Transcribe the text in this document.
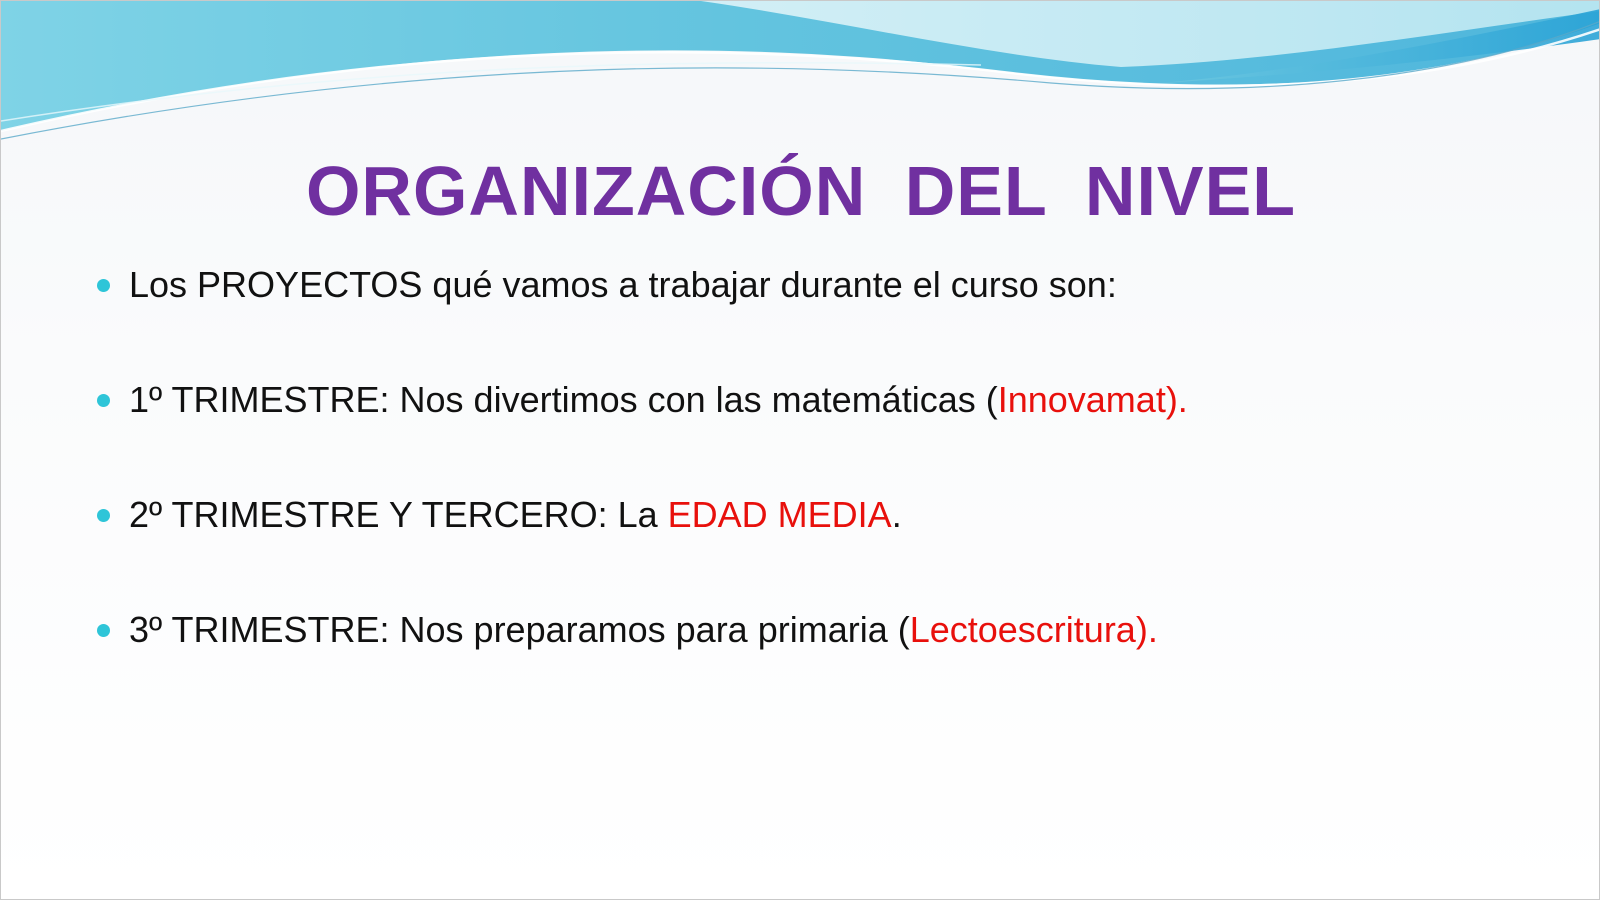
ORGANIZACIÓN DEL NIVEL
Los PROYECTOS qué vamos a trabajar durante el curso son:
1º TRIMESTRE: Nos divertimos con las matemáticas (Innovamat).
2º TRIMESTRE Y TERCERO: La EDAD MEDIA.
3º TRIMESTRE: Nos preparamos para primaria (Lectoescritura).
